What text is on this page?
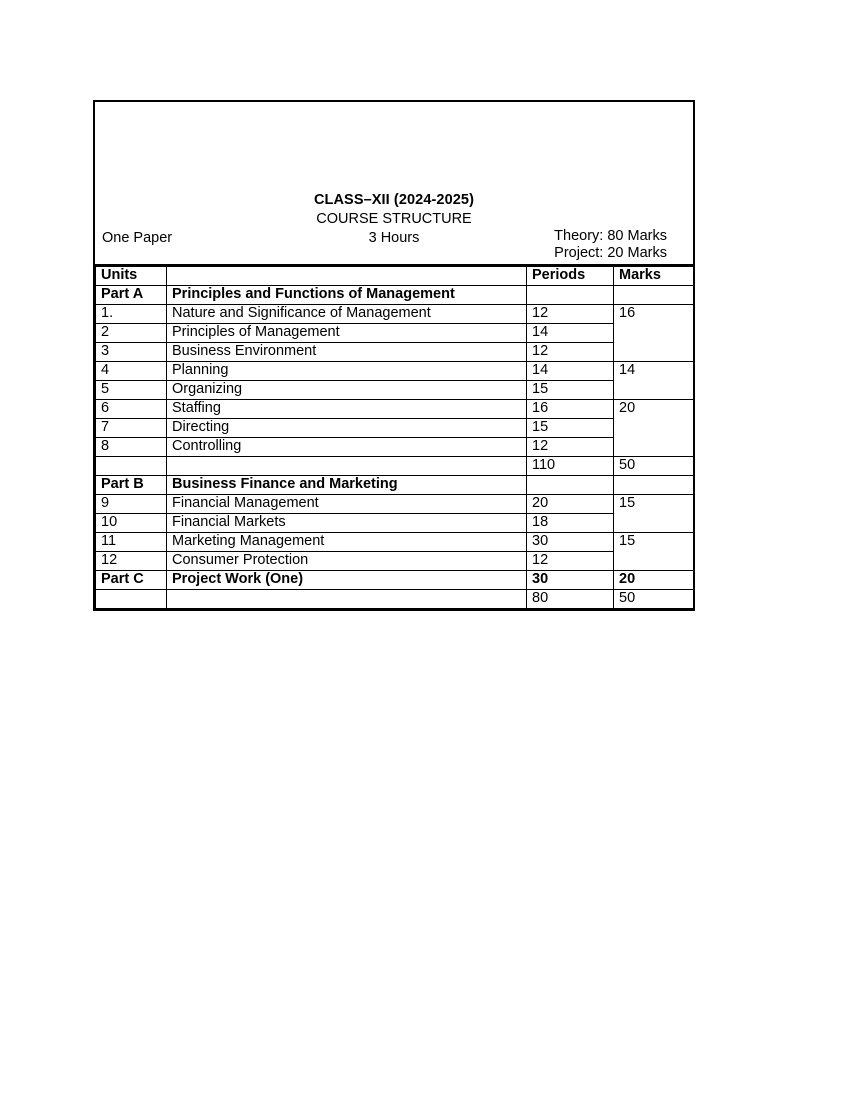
CLASS–XII (2024-2025)
COURSE STRUCTURE
One Paper	3 Hours	Theory: 80 Marks
Project: 20 Marks
Units		Periods	Marks
Part A	Principles and Functions of Management		
1.	Nature and Significance of Management	12	16
2	Principles of Management	14	
3	Business Environment	12	
4	Planning	14	14
5	Organizing	15	
6	Staffing	16	20
7	Directing	15	
8	Controlling	12	
		110	50
Part B	Business Finance and Marketing		
9	Financial Management	20	15
10	Financial Markets	18	
11	Marketing Management	30	15
12	Consumer Protection	12	
Part C	Project Work (One)	30	20
		80	50
